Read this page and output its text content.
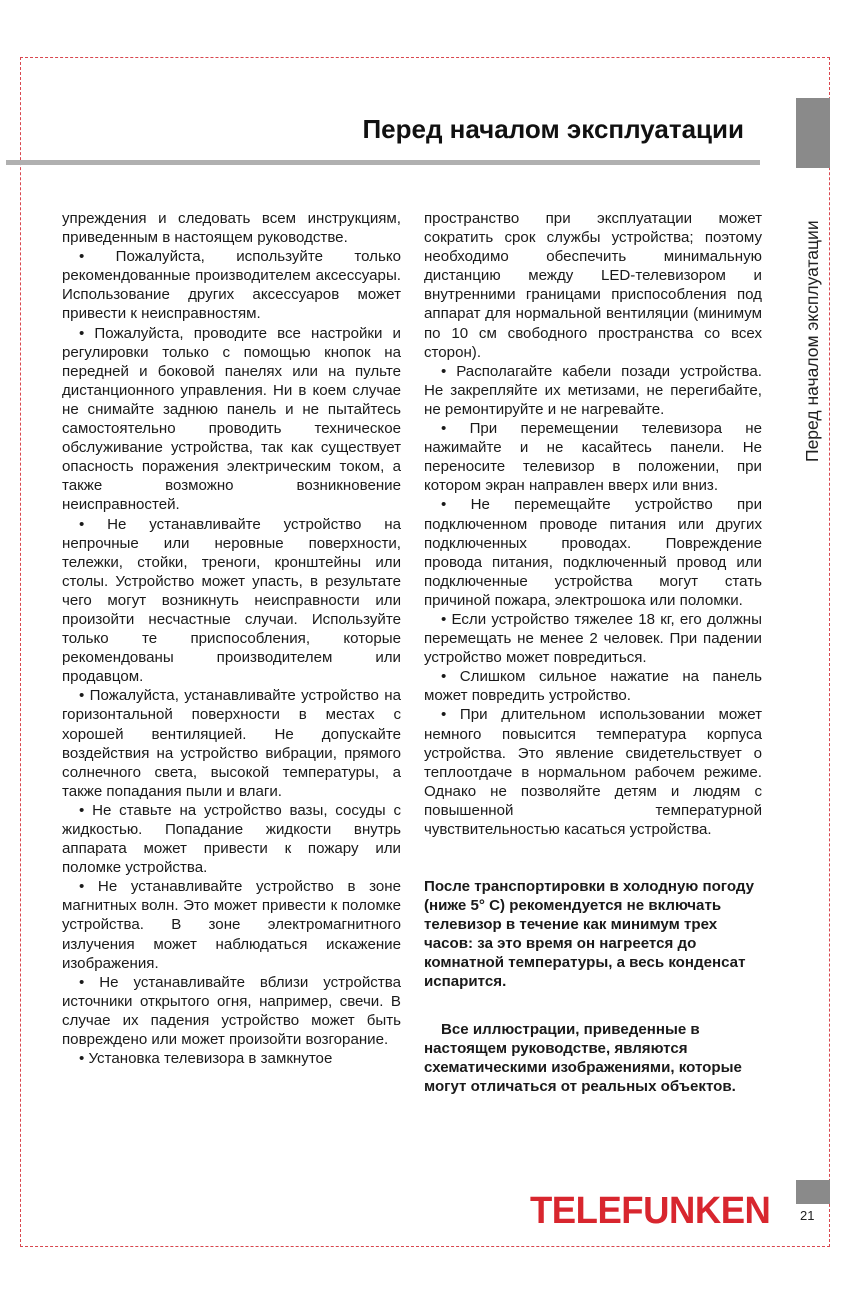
Перед началом эксплуатации
Перед началом эксплуатации

упреждения и следовать всем инструкциям, приведенным в настоящем руководстве.

• Пожалуйста, используйте только рекомендованные производителем аксессуары. Использование других аксессуаров может привести к неисправностям.

• Пожалуйста, проводите все настройки и регулировки только с помощью кнопок на передней и боковой панелях или на пульте дистанционного управления. Ни в коем случае не снимайте заднюю панель и не пытайтесь самостоятельно проводить техническое обслуживание устройства, так как существует опасность поражения электрическим током, а также возможно возникновение неисправностей.

• Не устанавливайте устройство на непрочные или неровные поверхности, тележки, стойки, треноги, кронштейны или столы. Устройство может упасть, в результате чего могут возникнуть неисправности или произойти несчастные случаи. Используйте только те приспособления, которые рекомендованы производителем или продавцом.

• Пожалуйста, устанавливайте устройство на горизонтальной поверхности в местах с хорошей вентиляцией. Не допускайте воздействия на устройство вибрации, прямого солнечного света, высокой температуры, а также попадания пыли и влаги.

• Не ставьте на устройство вазы, сосуды с жидкостью. Попадание жидкости внутрь аппарата может привести к пожару или поломке устройства.

• Не устанавливайте устройство в зоне магнитных волн. Это может привести к поломке устройства. В зоне электромагнитного излучения может наблюдаться искажение изображения.

• Не устанавливайте вблизи устройства источники открытого огня, например, свечи. В случае их падения устройство может быть повреждено или может произойти возгорание.

• Установка телевизора в замкнутое

пространство при эксплуатации может сократить срок службы устройства; поэтому необходимо обеспечить минимальную дистанцию между LED-телевизором и внутренними границами приспособления под аппарат для нормальной вентиляции (минимум по 10 см свободного пространства со всех сторон).

• Располагайте кабели позади устройства. Не закрепляйте их метизами, не перегибайте, не ремонтируйте и не нагревайте.

• При перемещении телевизора не нажимайте и не касайтесь панели. Не переносите телевизор в положении, при котором экран направлен вверх или вниз.

• Не перемещайте устройство при подключенном проводе питания или других подключенных проводах. Повреждение провода питания, подключенный провод или подключенные устройства могут стать причиной пожара, электрошока или поломки.

• Если устройство тяжелее 18 кг, его должны перемещать не менее 2 человек. При падении устройство может повредиться.

• Слишком сильное нажатие на панель может повредить устройство.

• При длительном использовании может немного повысится температура корпуса устройства. Это явление свидетельствует о теплоотдаче в нормальном рабочем режиме. Однако не позволяйте детям и людям с повышенной температурной чувствительностью касаться устройства.

После транспортировки в холодную погоду (ниже 5° C) рекомендуется не включать телевизор в течение как минимум трех часов: за это время он нагреется до комнатной температуры, а весь конденсат испарится.

Все иллюстрации, приведенные в настоящем руководстве, являются схематическими изображениями, которые могут отличаться от реальных объектов.

TELEFUNKEN 21
